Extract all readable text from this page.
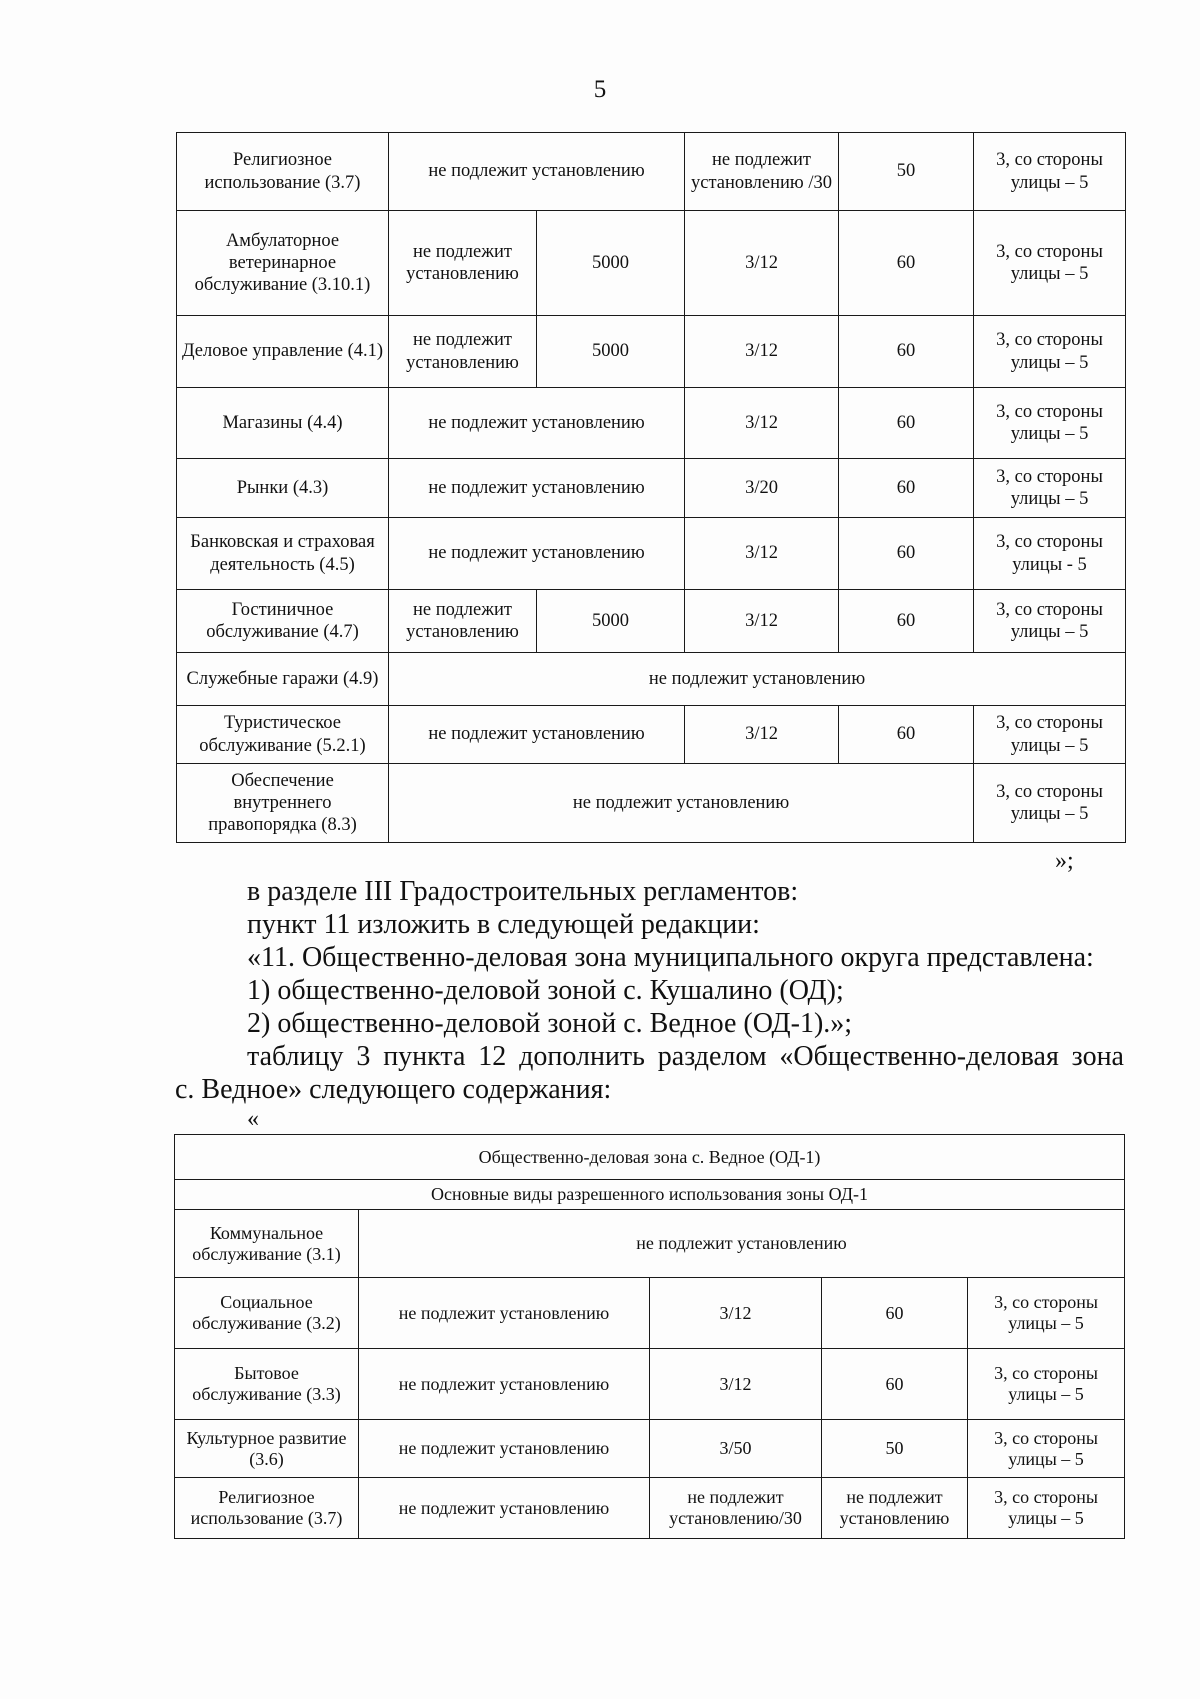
5
Религиозное использование (3.7)	не подлежит установлению		не подлежит установлению /30	50	3, со стороны улицы – 5
Амбулаторное ветеринарное обслуживание (3.10.1)	не подлежит установлению	5000	3/12	60	3, со стороны улицы – 5
Деловое управление (4.1)	не подлежит установлению	5000	3/12	60	3, со стороны улицы – 5
Магазины (4.4)	не подлежит установлению		3/12	60	3, со стороны улицы – 5
Рынки (4.3)	не подлежит установлению		3/20	60	3, со стороны улицы – 5
Банковская и страховая деятельность (4.5)	не подлежит установлению		3/12	60	3, со стороны улицы - 5
Гостиничное обслуживание (4.7)	не подлежит установлению	5000	3/12	60	3, со стороны улицы – 5
Служебные гаражи (4.9)	не подлежит установлению				
Туристическое обслуживание (5.2.1)	не подлежит установлению		3/12	60	3, со стороны улицы – 5
Обеспечение внутреннего правопорядка (8.3)	не подлежит установлению				3, со стороны улицы – 5
»;
в разделе III Градостроительных регламентов:
пункт 11 изложить в следующей редакции:
«11. Общественно-деловая зона муниципального округа представлена:
1) общественно-деловой зоной с. Кушалино (ОД);
2) общественно-деловой зоной с. Ведное (ОД-1).»;
таблицу 3 пункта 12 дополнить разделом «Общественно-деловая зона
с. Ведное» следующего содержания:
«
Общественно-деловая зона с. Ведное (ОД-1)				
Основные виды разрешенного использования зоны ОД-1				
Коммунальное обслуживание (3.1)	не подлежит установлению			
Социальное обслуживание (3.2)	не подлежит установлению	3/12	60	3, со стороны улицы – 5
Бытовое обслуживание (3.3)	не подлежит установлению	3/12	60	3, со стороны улицы – 5
Культурное развитие (3.6)	не подлежит установлению	3/50	50	3, со стороны улицы – 5
Религиозное использование (3.7)	не подлежит установлению	не подлежит установлению/30	не подлежит установлению	3, со стороны улицы – 5
